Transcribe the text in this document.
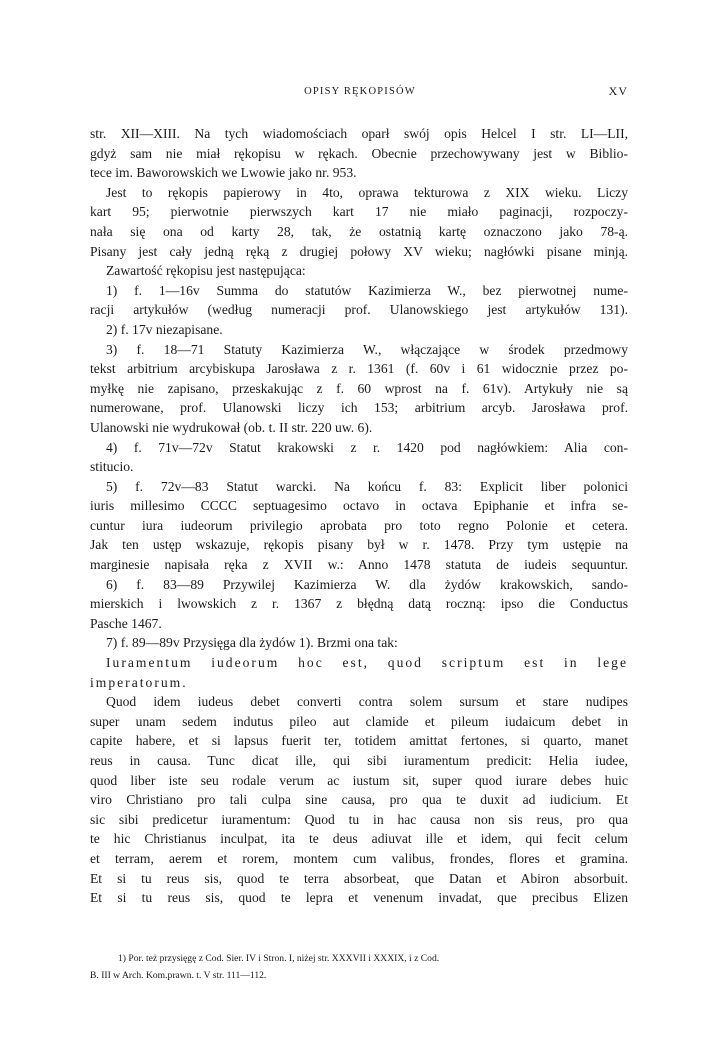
OPISY RĘKOPISÓW	XV

str. XII—XIII. Na tych wiadomościach oparł swój opis Helcel I str. LI—LII,
gdyż sam nie miał rękopisu w rękach. Obecnie przechowywany jest w Biblio-
tece im. Baworowskich we Lwowie jako nr. 953.

Jest to rękopis papierowy in 4to, oprawa tekturowa z XIX wieku. Liczy
kart 95; pierwotnie pierwszych kart 17 nie miało paginacji, rozpoczy-
nała się ona od karty 28, tak, że ostatnią kartę oznaczono jako 78-ą.
Pisany jest cały jedną ręką z drugiej połowy XV wieku; nagłówki pisane minją.

Zawartość rękopisu jest następująca:

1) f. 1—16v Summa do statutów Kazimierza W., bez pierwotnej nume-
racji artykułów (według numeracji prof. Ulanowskiego jest artykułów 131).

2) f. 17v niezapisane.

3) f. 18—71 Statuty Kazimierza W., włączające w środek przedmowy
tekst arbitrium arcybiskupa Jarosława z r. 1361 (f. 60v i 61 widocznie przez po-
myłkę nie zapisano, przeskakując z f. 60 wprost na f. 61v). Artykuły nie są
numerowane, prof. Ulanowski liczy ich 153; arbitrium arcyb. Jarosława prof.
Ulanowski nie wydrukował (ob. t. II str. 220 uw. 6).

4) f. 71v—72v Statut krakowski z r. 1420 pod nagłówkiem: Alia con-
stitucio.

5) f. 72v—83 Statut warcki. Na końcu f. 83: Explicit liber polonici
iuris millesimo CCCC septuagesimo octavo in octava Epiphanie et infra se-
cuntur iura iudeorum privilegio aprobata pro toto regno Polonie et cetera.
Jak ten ustęp wskazuje, rękopis pisany był w r. 1478. Przy tym ustępie na
marginesie napisała ręka z XVII w.: Anno 1478 statuta de iudeis sequuntur.

6) f. 83—89 Przywilej Kazimierza W. dla żydów krakowskich, sando-
mierskich i lwowskich z r. 1367 z błędną datą roczną: ipso die Conductus
Pasche 1467.

7) f. 89—89v Przysięga dla żydów 1). Brzmi ona tak:

Iuramentum iudeorum hoc est, quod scriptum est in lege
imperatorum.

Quod idem iudeus debet converti contra solem sursum et stare nudipes
super unam sedem indutus pileo aut clamide et pileum iudaicum debet in
capite habere, et si lapsus fuerit ter, totidem amittat fertones, si quarto, manet
reus in causa. Tunc dicat ille, qui sibi iuramentum predicit: Helia iudee,
quod liber iste seu rodale verum ac iustum sit, super quod iurare debes huic
viro Christiano pro tali culpa sine causa, pro qua te duxit ad iudicium. Et
sic sibi predicetur iuramentum: Quod tu in hac causa non sis reus, pro qua
te hic Christianus inculpat, ita te deus adiuvat ille et idem, qui fecit celum
et terram, aerem et rorem, montem cum valibus, frondes, flores et gramina.
Et si tu reus sis, quod te terra absorbeat, que Datan et Abiron absorbuit.
Et si tu reus sis, quod te lepra et venenum invadat, que precibus Elizen

1) Por. też przysięgę z Cod. Sier. IV i Stron. I, niżej str. XXXVII i XXXIX, i z Cod.

B. III w Arch. Kom.prawn. t. V str. 111—112.
